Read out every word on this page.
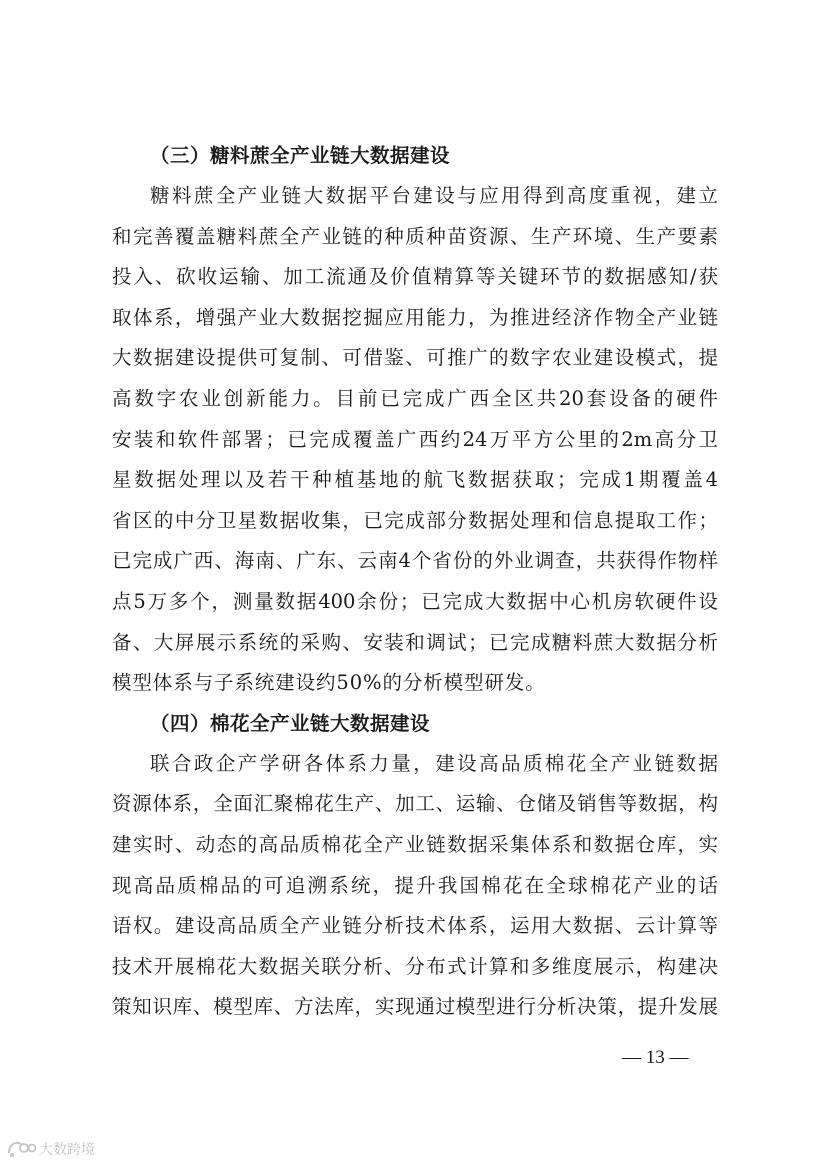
（三）糖料蔗全产业链大数据建设
糖料蔗全产业链大数据平台建设与应用得到高度重视，建立
和完善覆盖糖料蔗全产业链的种质种苗资源、生产环境、生产要素
投入、砍收运输、加工流通及价值精算等关键环节的数据感知/获
取体系，增强产业大数据挖掘应用能力，为推进经济作物全产业链
大数据建设提供可复制、可借鉴、可推广的数字农业建设模式，提
高数字农业创新能力。目前已完成广西全区共20套设备的硬件
安装和软件部署；已完成覆盖广西约24万平方公里的2m高分卫
星数据处理以及若干种植基地的航飞数据获取；完成1期覆盖4
省区的中分卫星数据收集，已完成部分数据处理和信息提取工作；
已完成广西、海南、广东、云南4个省份的外业调查，共获得作物样
点5万多个，测量数据400余份；已完成大数据中心机房软硬件设
备、大屏展示系统的采购、安装和调试；已完成糖料蔗大数据分析
模型体系与子系统建设约50%的分析模型研发。
（四）棉花全产业链大数据建设
联合政企产学研各体系力量，建设高品质棉花全产业链数据
资源体系，全面汇聚棉花生产、加工、运输、仓储及销售等数据，构
建实时、动态的高品质棉花全产业链数据采集体系和数据仓库，实
现高品质棉品的可追溯系统，提升我国棉花在全球棉花产业的话
语权。建设高品质全产业链分析技术体系，运用大数据、云计算等
技术开展棉花大数据关联分析、分布式计算和多维度展示，构建决
策知识库、模型库、方法库，实现通过模型进行分析决策，提升发展
— 13 —
大数跨境
